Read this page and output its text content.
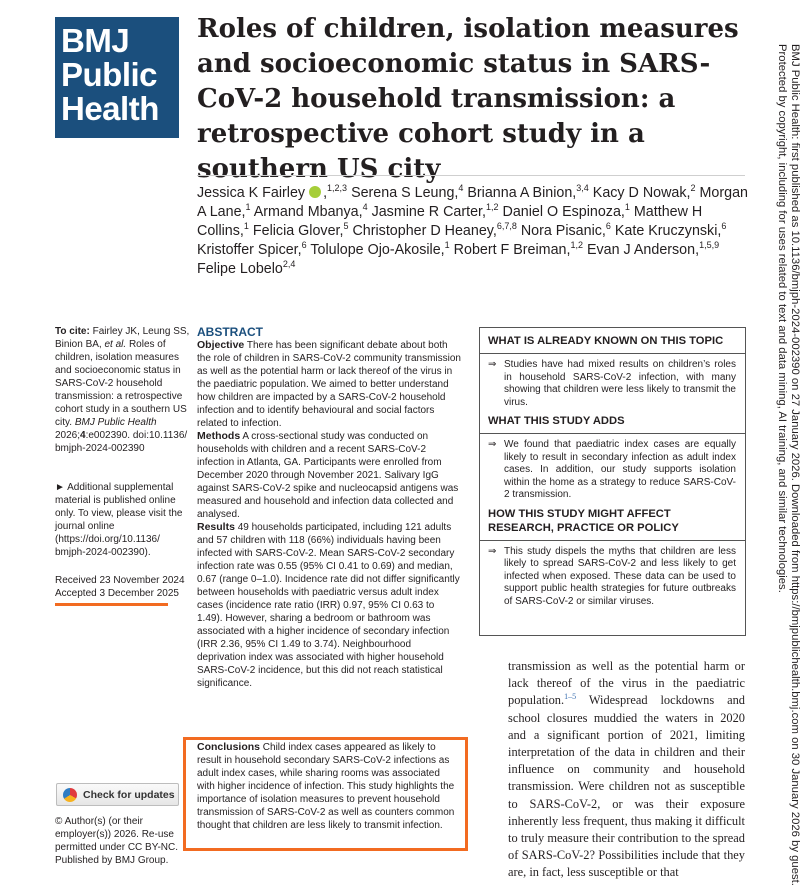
BMJ
Public
Health
Roles of children, isolation measures and socioeconomic status in SARS-CoV-2 household transmission: a retrospective cohort study in a southern US city
Jessica K Fairley ,$^{1,2,3}$ Serena S Leung,$^4$ Brianna A Binion,$^{3,4}$ Kacy D Nowak,$^2$ Morgan A Lane,$^1$ Armand Mbanya,$^4$ Jasmine R Carter,$^{1,2}$ Daniel O Espinoza,$^1$ Matthew H Collins,$^1$ Felicia Glover,$^5$ Christopher D Heaney,$^{6,7,8}$ Nora Pisanic,$^6$ Kate Kruczynski,$^6$ Kristoffer Spicer,$^6$ Tolulope Ojo-Akosile,$^1$ Robert F Breiman,$^{1,2}$ Evan J Anderson,$^{1,5,9}$ Felipe Lobelo$^{2,4}$	BMJ Public Health: first published as 10.1136/bmjph-2024-002390 on 27 January 2026. Downloaded from https://bmjpublichealth.bmj.com on 30 January 2026 by guest.
Protected by copyright, including for uses related to text and data mining, AI training, and similar technologies.
To cite: Fairley JK, Leung SS, Binion BA, et al. Roles of children, isolation measures and socioeconomic status in SARS-CoV-2 household transmission: a retrospective cohort study in a southern US city. BMJ Public Health 2026;4:e002390. doi:10.1136/ bmjph-2024-002390
► Additional supplemental material is published online only. To view, please visit the journal online (https://doi.org/10.1136/ bmjph-2024-002390).
Received 23 November 2024
Accepted 3 December 2025
Check for updates
© Author(s) (or their employer(s)) 2026. Re-use permitted under CC BY-NC. Published by BMJ Group.
ABSTRACT

Objective There has been significant debate about both the role of children in SARS-CoV-2 community transmission as well as the potential harm or lack thereof of the virus in the paediatric population. We aimed to better understand how children are impacted by a SARS-CoV-2 household infection and to identify behavioural and social factors related to infection.

Methods A cross-sectional study was conducted on households with children and a recent SARS-CoV-2 infection in Atlanta, GA. Participants were enrolled from December 2020 through November 2021. Salivary IgG against SARS-CoV-2 spike and nucleocapsid antigens was measured and household and infection data collected and analysed.

Results 49 households participated, including 121 adults and 57 children with 118 (66%) individuals having been infected with SARS-CoV-2. Mean SARS-CoV-2 secondary infection rate was 0.55 (95% CI 0.41 to 0.69) and median, 0.67 (range 0–1.0). Incidence rate did not differ significantly between households with paediatric versus adult index cases (incidence rate ratio (IRR) 0.97, 95% CI 0.63 to 1.49). However, sharing a bedroom or bathroom was associated with a higher incidence of secondary infection (IRR 2.36, 95% CI 1.49 to 3.74). Neighbourhood deprivation index was associated with higher household SARS-CoV-2 incidence, but this did not reach statistical significance.

Conclusions Child index cases appeared as likely to result in household secondary SARS-CoV-2 infections as adult index cases, while sharing rooms was associated with higher incidence of infection. This study highlights the importance of isolation measures to prevent household transmission of SARS-CoV-2 as well as counters common thought that children are less likely to transmit infection.
WHAT IS ALREADY KNOWN ON THIS TOPIC
⇒ Studies have had mixed results on children’s roles in household SARS-CoV-2 infection, with many showing that children were less likely to transmit the virus.
WHAT THIS STUDY ADDS
⇒ We found that paediatric index cases are equally likely to result in secondary infection as adult index cases. In addition, our study supports isolation within the home as a strategy to reduce SARS-CoV-2 transmission.
HOW THIS STUDY MIGHT AFFECT RESEARCH, PRACTICE OR POLICY
⇒ This study dispels the myths that children are less likely to spread SARS-CoV-2 and less likely to get infected when exposed. These data can be used to support public health strategies for future outbreaks of SARS-CoV-2 or similar viruses.
transmission as well as the potential harm or lack thereof of the virus in the paediatric population.$^{1-5}$ Widespread lockdowns and school closures muddied the waters in 2020 and a significant portion of 2021, limiting interpretation of the data in children and their influence on community and household transmission. Were children not as susceptible to SARS-CoV-2, or was their exposure inherently less frequent, thus making it difficult to truly measure their contribution to the spread of SARS-CoV-2? Possibilities include that they are, in fact, less susceptible or that
